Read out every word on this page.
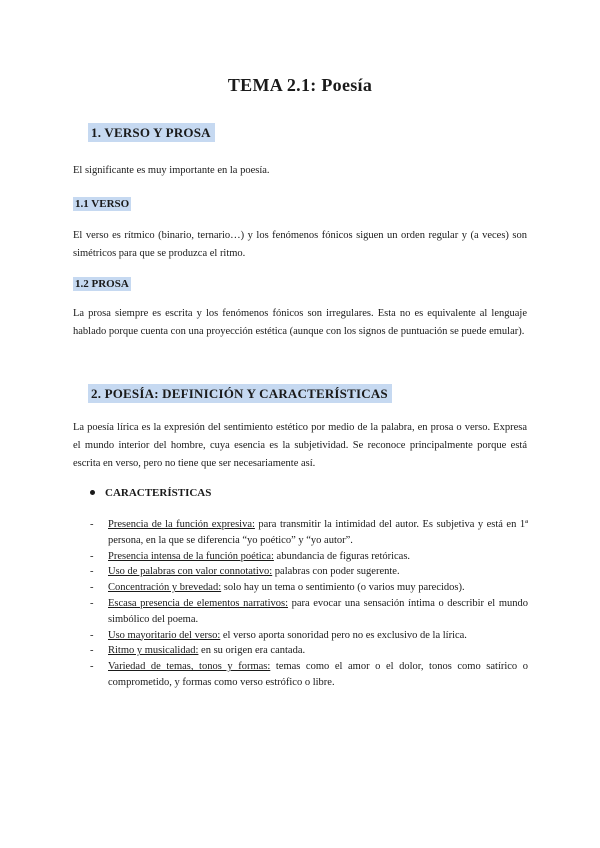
TEMA 2.1: Poesía
1. VERSO Y PROSA
El significante es muy importante en la poesía.
1.1 VERSO
El verso es rítmico (binario, ternario…) y los fenómenos fónicos siguen un orden regular y (a veces) son simétricos para que se produzca el ritmo.
1.2 PROSA
La prosa siempre es escrita y los fenómenos fónicos son irregulares. Esta no es equivalente al lenguaje hablado porque cuenta con una proyección estética (aunque con los signos de puntuación se puede emular).
2. POESÍA: DEFINICIÓN Y CARACTERÍSTICAS
La poesía lírica es la expresión del sentimiento estético por medio de la palabra, en prosa o verso. Expresa el mundo interior del hombre, cuya esencia es la subjetividad. Se reconoce principalmente porque está escrita en verso, pero no tiene que ser necesariamente así.
CARACTERÍSTICAS
- Presencia de la función expresiva: para transmitir la intimidad del autor. Es subjetiva y está en 1ª persona, en la que se diferencia “yo poético” y “yo autor”.
- Presencia intensa de la función poética: abundancia de figuras retóricas.
- Uso de palabras con valor connotativo: palabras con poder sugerente.
- Concentración y brevedad: solo hay un tema o sentimiento (o varios muy parecidos).
- Escasa presencia de elementos narrativos: para evocar una sensación íntima o describir el mundo simbólico del poema.
- Uso mayoritario del verso: el verso aporta sonoridad pero no es exclusivo de la lírica.
- Ritmo y musicalidad: en su origen era cantada.
- Variedad de temas, tonos y formas: temas como el amor o el dolor, tonos como satírico o comprometido, y formas como verso estrófico o libre.
